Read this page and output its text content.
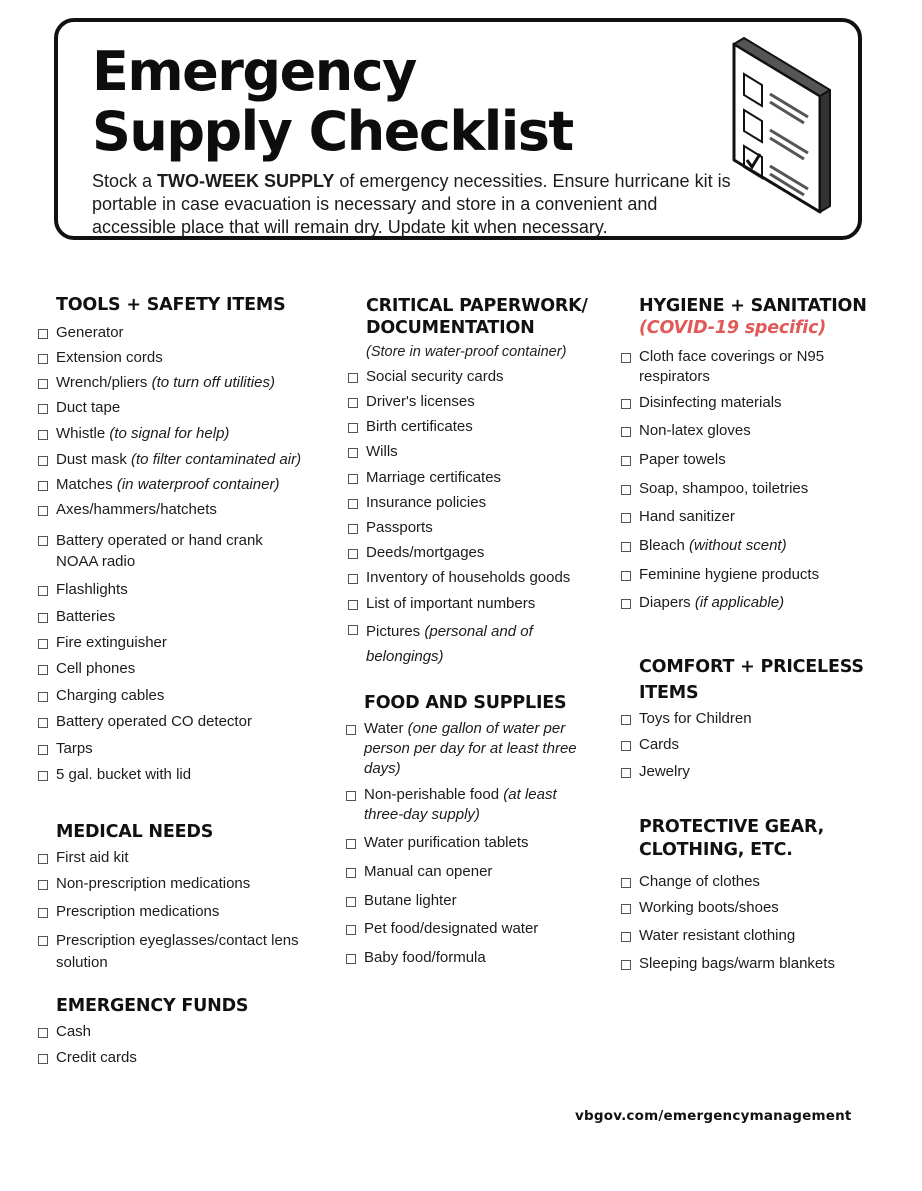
Emergency
Supply Checklist

Stock a TWO-WEEK SUPPLY of emergency necessities. Ensure hurricane kit is portable in case evacuation is necessary and store in a convenient and accessible place that will remain dry. Update kit when necessary.

TOOLS + SAFETY ITEMS
Generator
Extension cords
Wrench/pliers (to turn off utilities)
Duct tape
Whistle (to signal for help)
Dust mask (to filter contaminated air)
Matches (in waterproof container)
Axes/hammers/hatchets
Battery operated or hand crank NOAA radio
Flashlights
Batteries
Fire extinguisher
Cell phones
Charging cables
Battery operated CO detector
Tarps
5 gal. bucket with lid
MEDICAL NEEDS
First aid kit
Non-prescription medications
Prescription medications
Prescription eyeglasses/contact lens solution
EMERGENCY FUNDS
Cash
Credit cards
CRITICAL PAPERWORK/ DOCUMENTATION

(Store in water-proof container)

Social security cards
Driver's licenses
Birth certificates
Wills
Marriage certificates
Insurance policies
Passports
Deeds/mortgages
Inventory of households goods
List of important numbers
Pictures (personal and of belongings)
FOOD AND SUPPLIES
Water (one gallon of water per person per day for at least three days)
Non-perishable food (at least three-day supply)
Water purification tablets
Manual can opener
Butane lighter
Pet food/designated water
Baby food/formula
HYGIENE + SANITATION
(COVID-19 specific)
Cloth face coverings or N95 respirators
Disinfecting materials
Non-latex gloves
Paper towels
Soap, shampoo, toiletries
Hand sanitizer
Bleach (without scent)
Feminine hygiene products
Diapers (if applicable)
COMFORT + PRICELESS ITEMS
Toys for Children
Cards
Jewelry
PROTECTIVE GEAR, CLOTHING, ETC.
Change of clothes
Working boots/shoes
Water resistant clothing
Sleeping bags/warm blankets
vbgov.com/emergencymanagement
